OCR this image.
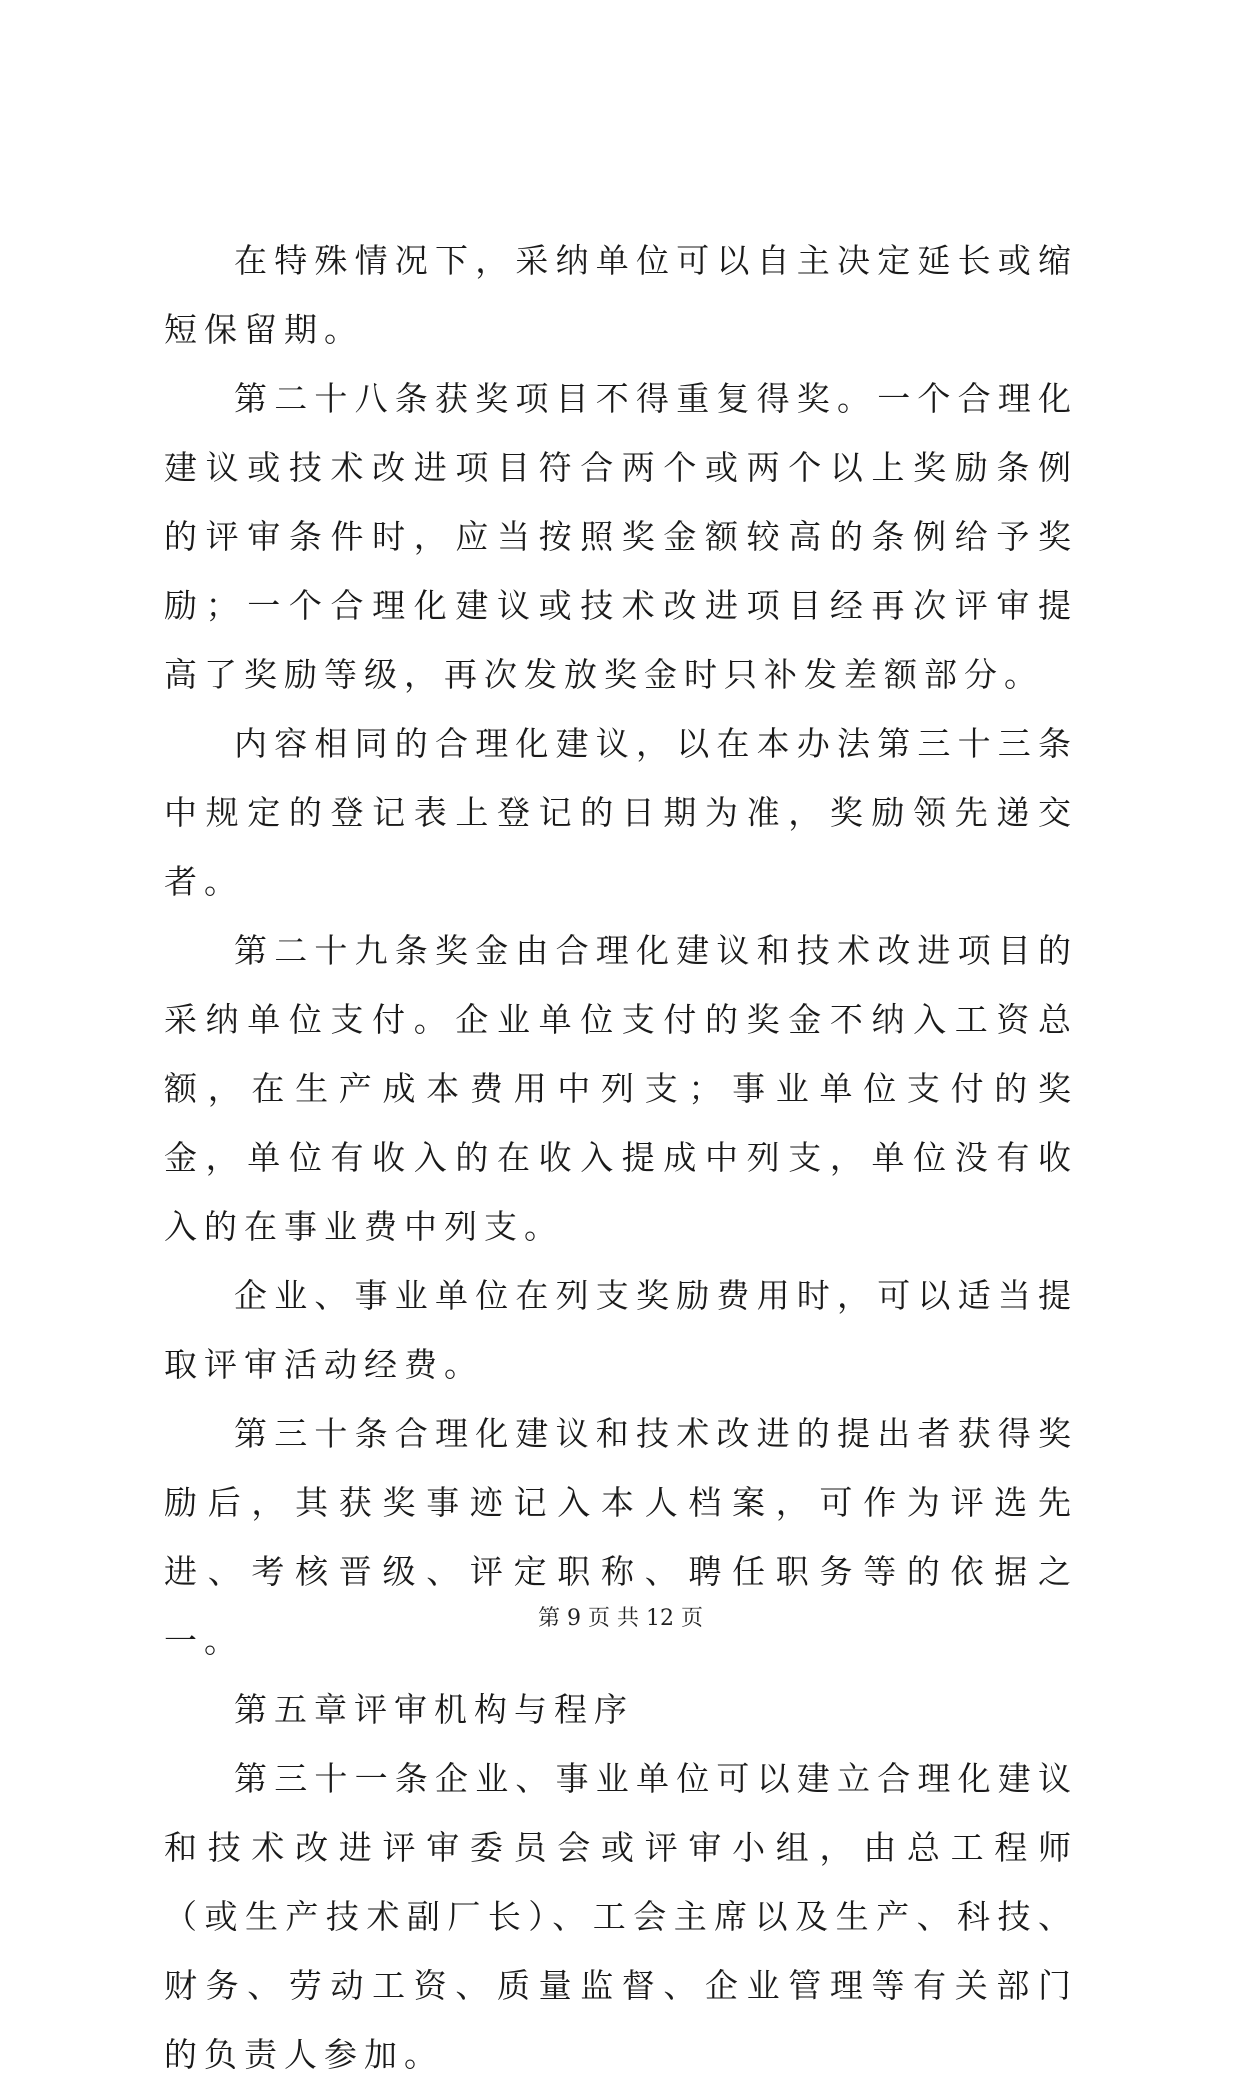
在特殊情况下，采纳单位可以自主决定延长或缩短保留期。

第二十八条获奖项目不得重复得奖。一个合理化建议或技术改进项目符合两个或两个以上奖励条例的评审条件时，应当按照奖金额较高的条例给予奖励；一个合理化建议或技术改进项目经再次评审提高了奖励等级，再次发放奖金时只补发差额部分。

内容相同的合理化建议，以在本办法第三十三条中规定的登记表上登记的日期为准，奖励领先递交者。

第二十九条奖金由合理化建议和技术改进项目的采纳单位支付。企业单位支付的奖金不纳入工资总额，在生产成本费用中列支；事业单位支付的奖金，单位有收入的在收入提成中列支，单位没有收入的在事业费中列支。

企业、事业单位在列支奖励费用时，可以适当提取评审活动经费。

第三十条合理化建议和技术改进的提出者获得奖励后，其获奖事迹记入本人档案，可作为评选先进、考核晋级、评定职称、聘任职务等的依据之一。

第五章评审机构与程序

第三十一条企业、事业单位可以建立合理化建议和技术改进评审委员会或评审小组，由总工程师（或生产技术副厂长）、工会主席以及生产、科技、财务、劳动工资、质量监督、企业管理等有关部门的负责人参加。

第 9 页 共 12 页
